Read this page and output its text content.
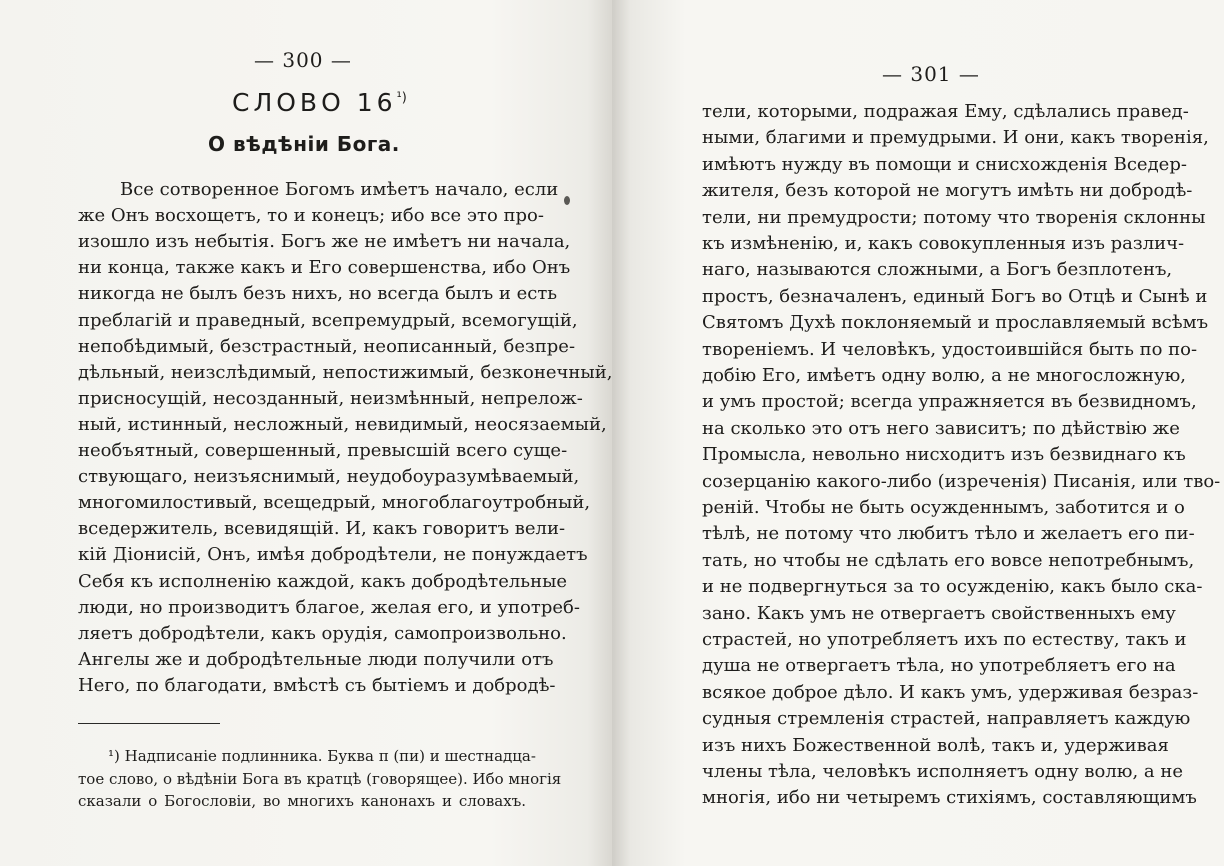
— 300 —
СЛОВО $16^{^1)}$
О вѣдѣніи Бога.
Все сотворенное Богомъ имѣетъ начало, если
же Онъ восхощетъ, то и конецъ; ибо все это про-
изошло изъ небытія. Богъ же не имѣетъ ни начала,
ни конца, также какъ и Его совершенства, ибо Онъ
никогда не былъ безъ нихъ, но всегда былъ и есть
преблагій и праведный, всепремудрый, всемогущій,
непобѣдимый, безстрастный, неописанный, безпре-
дѣльный, неизслѣдимый, непостижимый, безконечный,
присносущій, несозданный, неизмѣнный, непрелож-
ный, истинный, несложный, невидимый, неосязаемый,
необъятный, совершенный, превысшій всего суще-
ствующаго, неизъяснимый, неудобоуразумѣваемый,
многомилостивый, всещедрый, многоблагоутробный,
вседержитель, всевидящій. И, какъ говоритъ вели-
кій Діонисій, Онъ, имѣя добродѣтели, не понуждаетъ
Себя къ исполненію каждой, какъ добродѣтельные
люди, но производитъ благое, желая его, и употреб-
ляетъ добродѣтели, какъ орудія, самопроизвольно.
Ангелы же и добродѣтельные люди получили отъ
Него, по благодати, вмѣстѣ съ бытіемъ и добродѣ-
¹) Надписаніе подлинника. Буква π (пи) и шестнадца-
тое слово, о вѣдѣніи Бога въ кратцѣ (говорящее). Ибо многія
сказали о Богословіи, во многихъ канонахъ и словахъ.
— 301 —
тели, которыми, подражая Ему, сдѣлались правед-
ными, благими и премудрыми. И они, какъ творенія,
имѣютъ нужду въ помощи и снисхожденія Вседер-
жителя, безъ которой не могутъ имѣть ни добродѣ-
тели, ни премудрости; потому что творенія склонны
къ измѣненію, и, какъ совокупленныя изъ различ-
наго, называются сложными, а Богъ безплотенъ,
простъ, безначаленъ, единый Богъ во Отцѣ и Сынѣ и
Святомъ Духѣ поклоняемый и прославляемый всѣмъ
твореніемъ. И человѣкъ, удостоившійся быть по по-
добію Его, имѣетъ одну волю, а не многосложную,
и умъ простой; всегда упражняется въ безвидномъ,
на сколько это отъ него зависитъ; по дѣйствію же
Промысла, невольно нисходитъ изъ безвиднаго къ
созерцанію какого-либо (изреченія) Писанія, или тво-
реній. Чтобы не быть осужденнымъ, заботится и о
тѣлѣ, не потому что любитъ тѣло и желаетъ его пи-
тать, но чтобы не сдѣлать его вовсе непотребнымъ,
и не подвергнуться за то осужденію, какъ было ска-
зано. Какъ умъ не отвергаетъ свойственныхъ ему
страстей, но употребляетъ ихъ по естеству, такъ и
душа не отвергаетъ тѣла, но употребляетъ его на
всякое доброе дѣло. И какъ умъ, удерживая безраз-
судныя стремленія страстей, направляетъ каждую
изъ нихъ Божественной волѣ, такъ и, удерживая
члены тѣла, человѣкъ исполняетъ одну волю, а не
многія, ибо ни четыремъ стихіямъ, составляющимъ
